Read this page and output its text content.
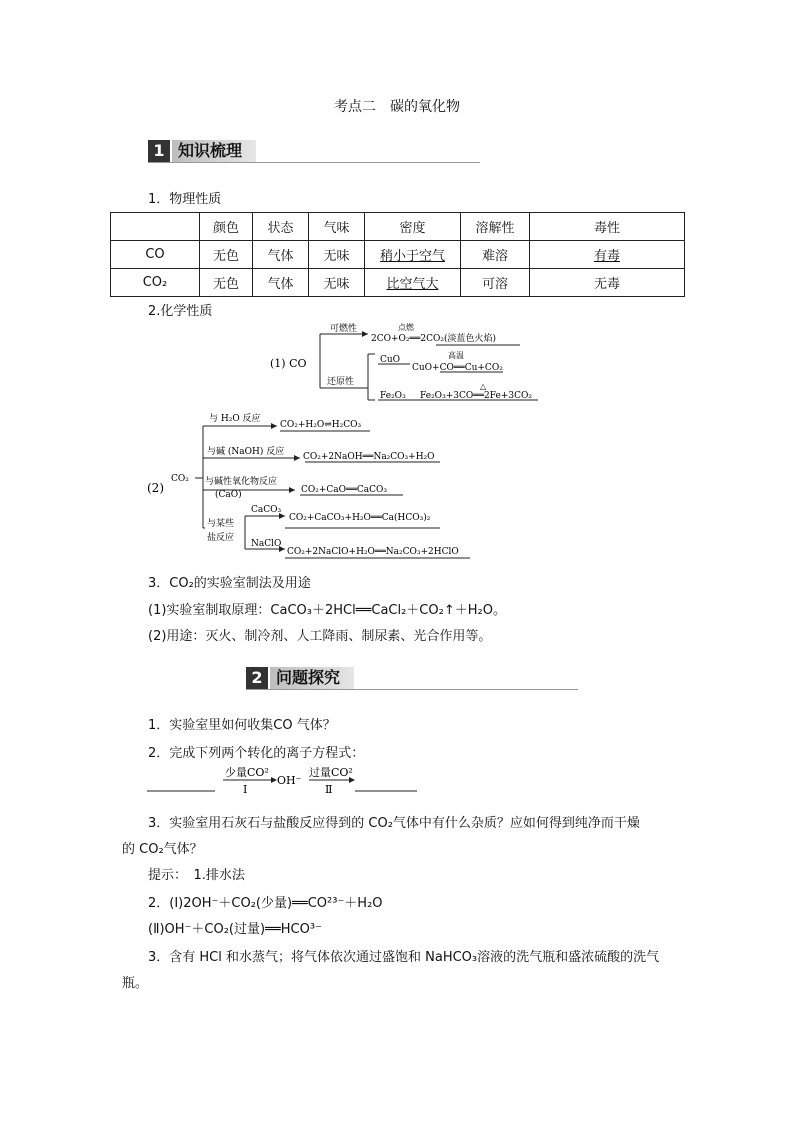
考点二　碳的氧化物
1 知识梳理
1．物理性质
	颜色	状态	气味	密度	溶解性	毒性
CO	无色	气体	无味	稍小于空气	难溶	有毒
CO₂	无色	气体	无味	比空气大	可溶	无毒
2.化学性质
(1) CO
可燃性	点燃
2CO+O₂══2CO₂(淡蓝色火焰)
还原性
CuO	高温
CuO+CO══Cu+CO₂
Fe₂O₃
△
Fe₂O₃+3CO══2Fe+3CO₂
(2)
CO₂
与 H₂O 反应
CO₂+H₂O⇌H₂CO₃
与碱 (NaOH) 反应 CO₂+2NaOH══Na₂CO₃+H₂O
与碱性氧化物反应
(CaO)	CO₂+CaO══CaCO₃
与某些
盐反应
CaCO₃
CO₂+CaCO₃+H₂O══Ca(HCO₃)₂
NaClO
CO₂+2NaClO+H₂O══Na₂CO₃+2HClO
3．CO₂的实验室制法及用途
(1)实验室制取原理：CaCO₃＋2HCl══CaCl₂＋CO₂↑＋H₂O。
(2)用途：灭火、制冷剂、人工降雨、制尿素、光合作用等。
2 问题探究
1．实验室里如何收集CO 气体？
2．完成下列两个转化的离子方程式：
少量CO²
Ⅰ
OH⁻
过量CO²
Ⅱ
3．实验室用石灰石与盐酸反应得到的 CO₂气体中有什么杂质？应如何得到纯净而干燥
的 CO₂气体？
提示：　1.排水法
2．(Ⅰ)2OH⁻＋CO₂(少量)══CO²³⁻＋H₂O
(Ⅱ)OH⁻＋CO₂(过量)══HCO³⁻
3．含有 HCl 和水蒸气；将气体依次通过盛饱和 NaHCO₃溶液的洗气瓶和盛浓硫酸的洗气
瓶。
